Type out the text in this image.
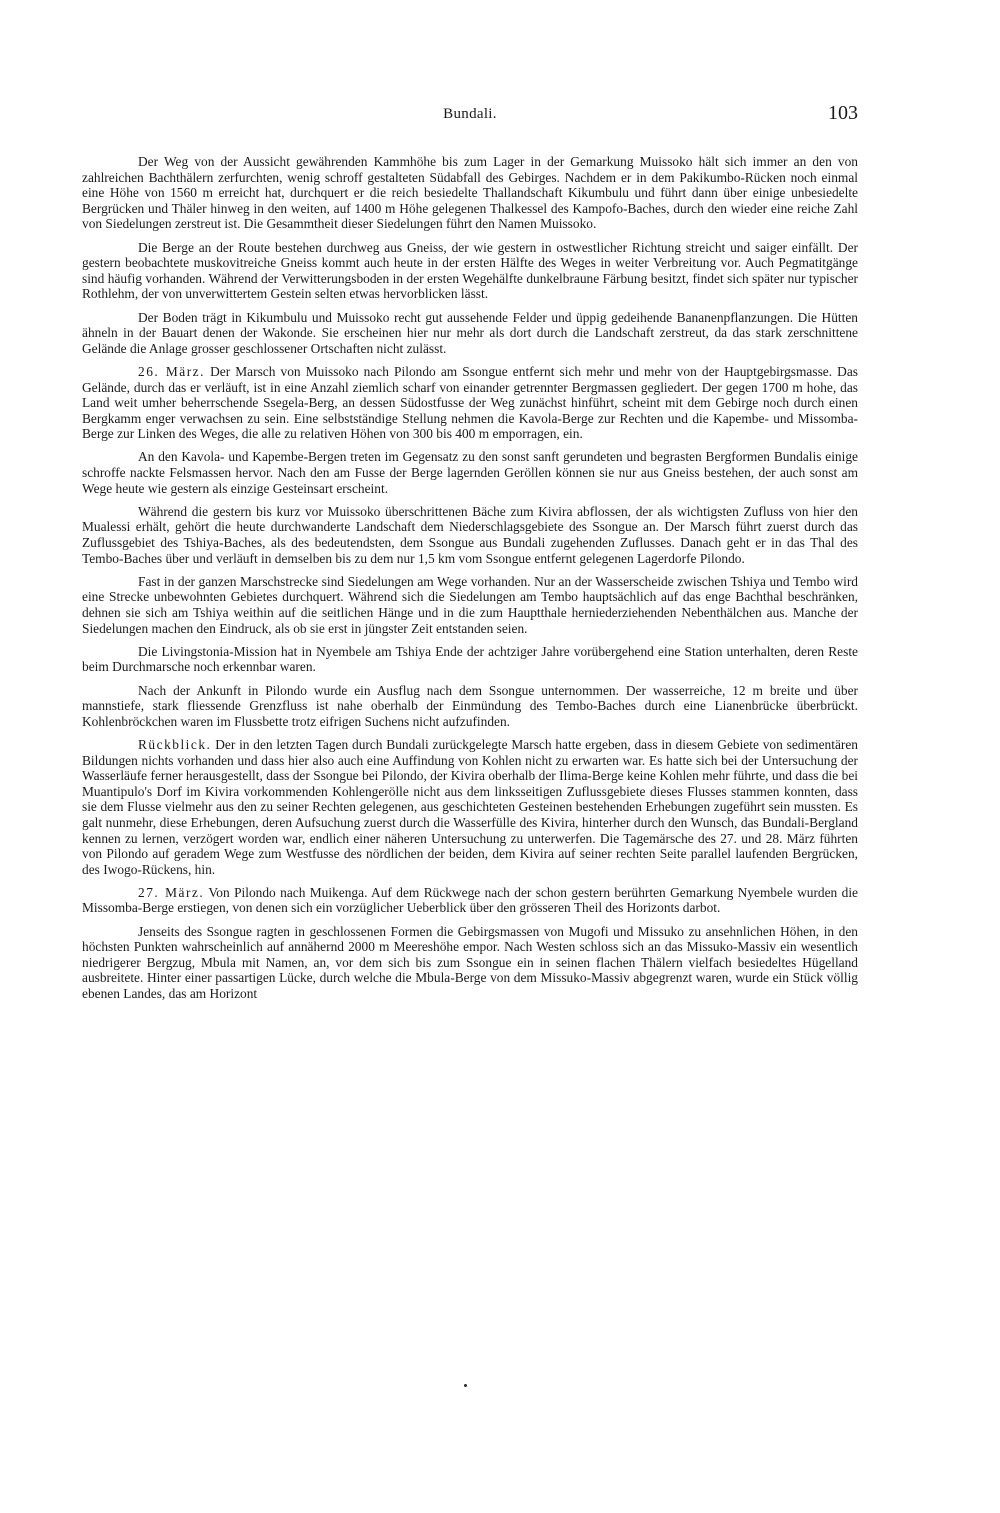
Bundali.	103

Der Weg von der Aussicht gewährenden Kammhöhe bis zum Lager in der Gemarkung Muissoko hält sich immer an den von zahlreichen Bachthälern zerfurchten, wenig schroff gestalteten Südabfall des Gebirges. Nachdem er in dem Pakikumbo-Rücken noch einmal eine Höhe von 1560 m erreicht hat, durchquert er die reich besiedelte Thallandschaft Kikumbulu und führt dann über einige unbesiedelte Bergrücken und Thäler hinweg in den weiten, auf 1400 m Höhe gelegenen Thalkessel des Kampofo-Baches, durch den wieder eine reiche Zahl von Siedelungen zerstreut ist. Die Gesammtheit dieser Siedelungen führt den Namen Muissoko.

Die Berge an der Route bestehen durchweg aus Gneiss, der wie gestern in ostwestlicher Richtung streicht und saiger einfällt. Der gestern beobachtete muskovitreiche Gneiss kommt auch heute in der ersten Hälfte des Weges in weiter Verbreitung vor. Auch Pegmatitgänge sind häufig vorhanden. Während der Verwitterungsboden in der ersten Wegehälfte dunkelbraune Färbung besitzt, findet sich später nur typischer Rothlehm, der von unverwittertem Gestein selten etwas hervorblicken lässt.

Der Boden trägt in Kikumbulu und Muissoko recht gut aussehende Felder und üppig gedeihende Bananenpflanzungen. Die Hütten ähneln in der Bauart denen der Wakonde. Sie erscheinen hier nur mehr als dort durch die Landschaft zerstreut, da das stark zerschnittene Gelände die Anlage grosser geschlossener Ortschaften nicht zulässt.

26. März. Der Marsch von Muissoko nach Pilondo am Ssongue entfernt sich mehr und mehr von der Hauptgebirgsmasse. Das Gelände, durch das er verläuft, ist in eine Anzahl ziemlich scharf von einander getrennter Bergmassen gegliedert. Der gegen 1700 m hohe, das Land weit umher beherrschende Ssegela-Berg, an dessen Südostfusse der Weg zunächst hinführt, scheint mit dem Gebirge noch durch einen Bergkamm enger verwachsen zu sein. Eine selbstständige Stellung nehmen die Kavola-Berge zur Rechten und die Kapembe- und Missomba-Berge zur Linken des Weges, die alle zu relativen Höhen von 300 bis 400 m emporragen, ein.

An den Kavola- und Kapembe-Bergen treten im Gegensatz zu den sonst sanft gerundeten und begrasten Bergformen Bundalis einige schroffe nackte Felsmassen hervor. Nach den am Fusse der Berge lagernden Geröllen können sie nur aus Gneiss bestehen, der auch sonst am Wege heute wie gestern als einzige Gesteinsart erscheint.

Während die gestern bis kurz vor Muissoko überschrittenen Bäche zum Kivira abflossen, der als wichtigsten Zufluss von hier den Mualessi erhält, gehört die heute durchwanderte Landschaft dem Niederschlagsgebiete des Ssongue an. Der Marsch führt zuerst durch das Zuflussgebiet des Tshiya-Baches, als des bedeutendsten, dem Ssongue aus Bundali zugehenden Zuflusses. Danach geht er in das Thal des Tembo-Baches über und verläuft in demselben bis zu dem nur 1,5 km vom Ssongue entfernt gelegenen Lagerdorfe Pilondo.

Fast in der ganzen Marschstrecke sind Siedelungen am Wege vorhanden. Nur an der Wasserscheide zwischen Tshiya und Tembo wird eine Strecke unbewohnten Gebietes durchquert. Während sich die Siedelungen am Tembo hauptsächlich auf das enge Bachthal beschränken, dehnen sie sich am Tshiya weithin auf die seitlichen Hänge und in die zum Hauptthale herniederziehenden Nebenthälchen aus. Manche der Siedelungen machen den Eindruck, als ob sie erst in jüngster Zeit entstanden seien.

Die Livingstonia-Mission hat in Nyembele am Tshiya Ende der achtziger Jahre vorübergehend eine Station unterhalten, deren Reste beim Durchmarsche noch erkennbar waren.

Nach der Ankunft in Pilondo wurde ein Ausflug nach dem Ssongue unternommen. Der wasserreiche, 12 m breite und über mannstiefe, stark fliessende Grenzfluss ist nahe oberhalb der Einmündung des Tembo-Baches durch eine Lianenbrücke überbrückt. Kohlenbröckchen waren im Flussbette trotz eifrigen Suchens nicht aufzufinden.

Rückblick. Der in den letzten Tagen durch Bundali zurückgelegte Marsch hatte ergeben, dass in diesem Gebiete von sedimentären Bildungen nichts vorhanden und dass hier also auch eine Auffindung von Kohlen nicht zu erwarten war. Es hatte sich bei der Untersuchung der Wasserläufe ferner herausgestellt, dass der Ssongue bei Pilondo, der Kivira oberhalb der Ilima-Berge keine Kohlen mehr führte, und dass die bei Muantipulo's Dorf im Kivira vorkommenden Kohlengerölle nicht aus dem linksseitigen Zuflussgebiete dieses Flusses stammen konnten, dass sie dem Flusse vielmehr aus den zu seiner Rechten gelegenen, aus geschichteten Gesteinen bestehenden Erhebungen zugeführt sein mussten. Es galt nunmehr, diese Erhebungen, deren Aufsuchung zuerst durch die Wasserfülle des Kivira, hinterher durch den Wunsch, das Bundali-Bergland kennen zu lernen, verzögert worden war, endlich einer näheren Untersuchung zu unterwerfen. Die Tagemärsche des 27. und 28. März führten von Pilondo auf geradem Wege zum Westfusse des nördlichen der beiden, dem Kivira auf seiner rechten Seite parallel laufenden Bergrücken, des Iwogo-Rückens, hin.

27. März. Von Pilondo nach Muikenga. Auf dem Rückwege nach der schon gestern berührten Gemarkung Nyembele wurden die Missomba-Berge erstiegen, von denen sich ein vorzüglicher Ueberblick über den grösseren Theil des Horizonts darbot.

Jenseits des Ssongue ragten in geschlossenen Formen die Gebirgsmassen von Mugofi und Missuko zu ansehnlichen Höhen, in den höchsten Punkten wahrscheinlich auf annähernd 2000 m Meereshöhe empor. Nach Westen schloss sich an das Missuko-Massiv ein wesentlich niedrigerer Bergzug, Mbula mit Namen, an, vor dem sich bis zum Ssongue ein in seinen flachen Thälern vielfach besiedeltes Hügelland ausbreitete. Hinter einer passartigen Lücke, durch welche die Mbula-Berge von dem Missuko-Massiv abgegrenzt waren, wurde ein Stück völlig ebenen Landes, das am Horizont
